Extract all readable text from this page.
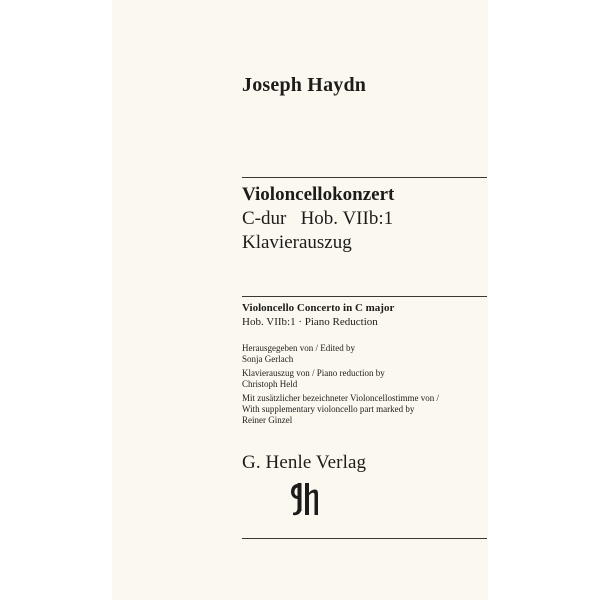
Joseph Haydn
Violoncellokonzert
C-dur   Hob. VIIb:1
Klavierauszug
Violoncello Concerto in C major
Hob. VIIb:1 · Piano Reduction
Herausgegeben von / Edited by
Sonja Gerlach
Klavierauszug von / Piano reduction by
Christoph Held
Mit zusätzlicher bezeichneter Violoncellostimme von /
With supplementary violoncello part marked by
Reiner Ginzel
G. Henle Verlag
